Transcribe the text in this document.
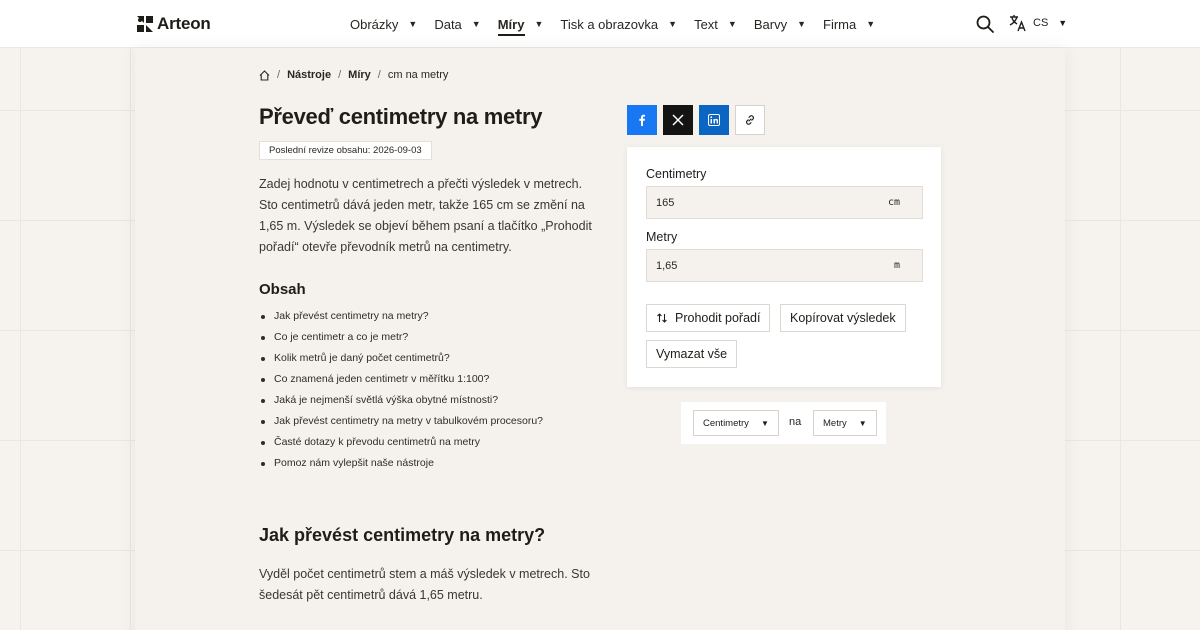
Arteon	Obrázky ▼ Data ▼ Míry ▼ Tisk a obrazovka ▼ Text ▼ Barvy ▼ Firma ▼	CS ▼
/ Nástroje / Míry / cm na metry
Převeď centimetry na metry
Poslední revize obsahu: 2026-09-03

Zadej hodnotu v centimetrech a přečti výsledek v metrech. Sto centimetrů dává jeden metr, takže 165 cm se změní na 1,65 m. Výsledek se objeví během psaní a tlačítko „Prohodit pořadí“ otevře převodník metrů na centimetry.

Obsah
Jak převést centimetry na metry?
Co je centimetr a co je metr?
Kolik metrů je daný počet centimetrů?
Co znamená jeden centimetr v měřítku 1:100?
Jaká je nejmenší světlá výška obytné místnosti?
Jak převést centimetry na metry v tabulkovém procesoru?
Časté dotazy k převodu centimetrů na metry
Pomoz nám vylepšit naše nástroje
Jak převést centimetry na metry?

Vyděl počet centimetrů stem a máš výsledek v metrech. Sto šedesát pět centimetrů dává 1,65 metru.

Centimetry
165
cm
Metry
1,65
m
Prohodit pořadí Kopírovat výsledek
Vymazat vše
Centimetry ▼ na Metry ▼
